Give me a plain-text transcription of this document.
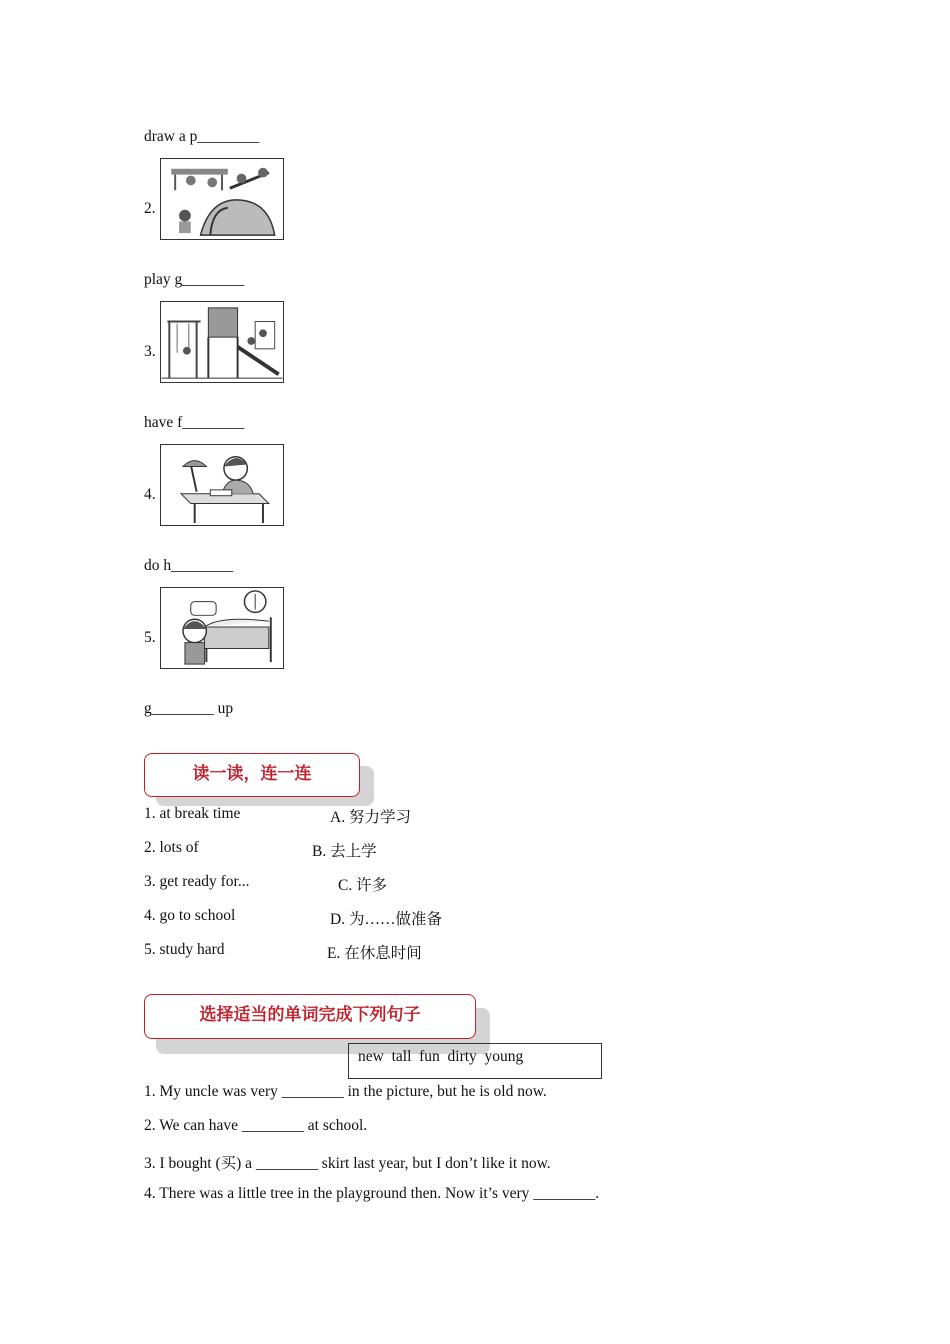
draw a p________
2.
play g________
3.
have f________
4.
do h________
5.
g________ up
读一读，连一连
1. at break time
2. lots of
3. get ready for...
4. go to school
5. study hard
A. 努力学习
B. 去上学
C. 许多
D. 为……做准备
E. 在休息时间
选择适当的单词完成下列句子
new  tall  fun  dirty  young
1. My uncle was very ________ in the picture, but he is old now.
2. We can have ________ at school.
3. I bought (买) a ________ skirt last year, but I don’t like it now.
4. There was a little tree in the playground then. Now it’s very ________.
